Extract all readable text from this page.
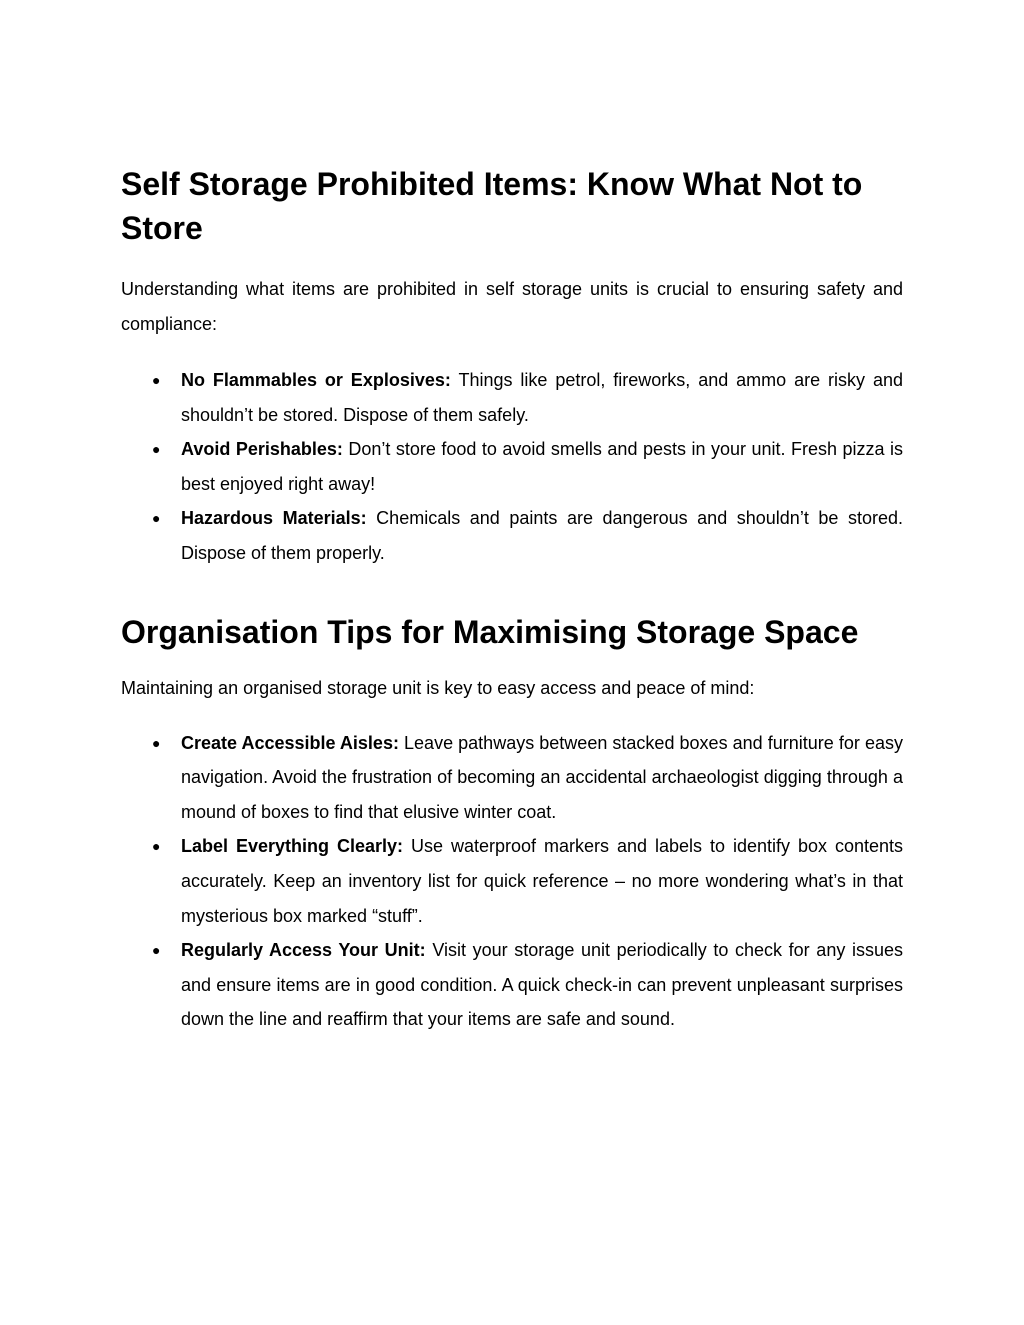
Self Storage Prohibited Items: Know What Not to Store

Understanding what items are prohibited in self storage units is crucial to ensuring safety and compliance:

● No Flammables or Explosives: Things like petrol, fireworks, and ammo are risky and shouldn’t be stored. Dispose of them safely.
● Avoid Perishables: Don’t store food to avoid smells and pests in your unit. Fresh pizza is best enjoyed right away!
● Hazardous Materials: Chemicals and paints are dangerous and shouldn’t be stored. Dispose of them properly.
Organisation Tips for Maximising Storage Space

Maintaining an organised storage unit is key to easy access and peace of mind:

● Create Accessible Aisles: Leave pathways between stacked boxes and furniture for easy navigation. Avoid the frustration of becoming an accidental archaeologist digging through a mound of boxes to find that elusive winter coat.
● Label Everything Clearly: Use waterproof markers and labels to identify box contents accurately. Keep an inventory list for quick reference – no more wondering what’s in that mysterious box marked “stuff”.
● Regularly Access Your Unit: Visit your storage unit periodically to check for any issues and ensure items are in good condition. A quick check-in can prevent unpleasant surprises down the line and reaffirm that your items are safe and sound.
